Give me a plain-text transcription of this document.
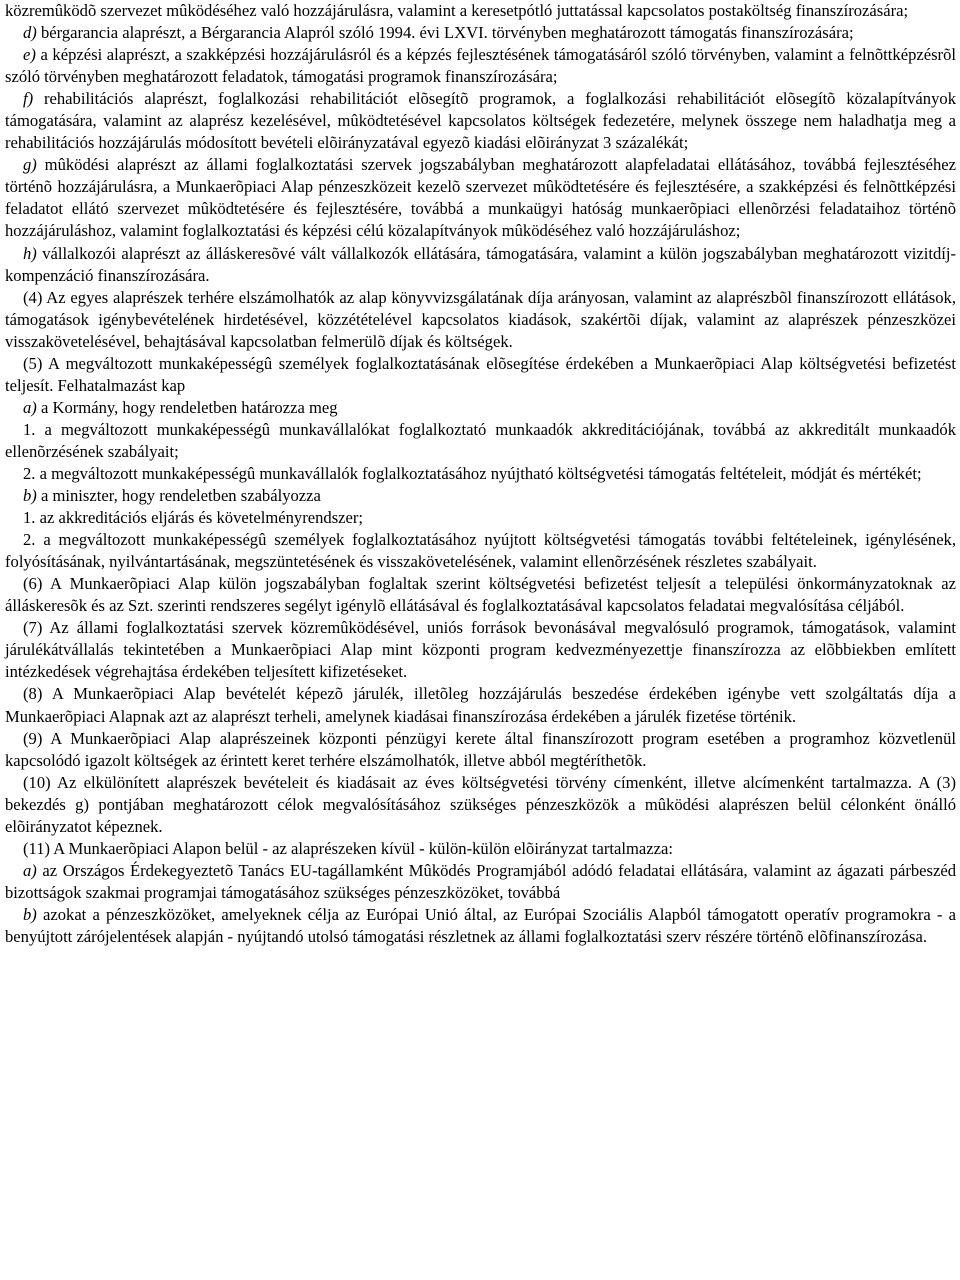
közremûködõ szervezet mûködéséhez való hozzájárulásra, valamint a keresetpótló juttatással kapcsolatos postaköltség finanszírozására;

d) bérgarancia alaprészt, a Bérgarancia Alapról szóló 1994. évi LXVI. törvényben meghatározott támogatás finanszírozására;

e) a képzési alaprészt, a szakképzési hozzájárulásról és a képzés fejlesztésének támogatásáról szóló törvényben, valamint a felnõttképzésrõl szóló törvényben meghatározott feladatok, támogatási programok finanszírozására;

f) rehabilitációs alaprészt, foglalkozási rehabilitációt elõsegítõ programok, a foglalkozási rehabilitációt elõsegítõ közalapítványok támogatására, valamint az alaprész kezelésével, mûködtetésével kapcsolatos költségek fedezetére, melynek összege nem haladhatja meg a rehabilitációs hozzájárulás módosított bevételi elõirányzatával egyezõ kiadási elõirányzat 3 százalékát;

g) mûködési alaprészt az állami foglalkoztatási szervek jogszabályban meghatározott alapfeladatai ellátásához, továbbá fejlesztéséhez történõ hozzájárulásra, a Munkaerõpiaci Alap pénzeszközeit kezelõ szervezet mûködtetésére és fejlesztésére, a szakképzési és felnõttképzési feladatot ellátó szervezet mûködtetésére és fejlesztésére, továbbá a munkaügyi hatóság munkaerõpiaci ellenõrzési feladataihoz történõ hozzájáruláshoz, valamint foglalkoztatási és képzési célú közalapítványok mûködéséhez való hozzájáruláshoz;

h) vállalkozói alaprészt az álláskeresõvé vált vállalkozók ellátására, támogatására, valamint a külön jogszabályban meghatározott vizitdíj-kompenzáció finanszírozására.

(4) Az egyes alaprészek terhére elszámolhatók az alap könyvvizsgálatának díja arányosan, valamint az alaprészbõl finanszírozott ellátások, támogatások igénybevételének hirdetésével, közzétételével kapcsolatos kiadások, szakértõi díjak, valamint az alaprészek pénzeszközei visszakövetelésével, behajtásával kapcsolatban felmerülõ díjak és költségek.

(5) A megváltozott munkaképességû személyek foglalkoztatásának elõsegítése érdekében a Munkaerõpiaci Alap költségvetési befizetést teljesít. Felhatalmazást kap

a) a Kormány, hogy rendeletben határozza meg

1. a megváltozott munkaképességû munkavállalókat foglalkoztató munkaadók akkreditációjának, továbbá az akkreditált munkaadók ellenõrzésének szabályait;

2. a megváltozott munkaképességû munkavállalók foglalkoztatásához nyújtható költségvetési támogatás feltételeit, módját és mértékét;

b) a miniszter, hogy rendeletben szabályozza

1. az akkreditációs eljárás és követelményrendszer;

2. a megváltozott munkaképességû személyek foglalkoztatásához nyújtott költségvetési támogatás további feltételeinek, igénylésének, folyósításának, nyilvántartásának, megszüntetésének és visszakövetelésének, valamint ellenõrzésének részletes szabályait.

(6) A Munkaerõpiaci Alap külön jogszabályban foglaltak szerint költségvetési befizetést teljesít a települési önkormányzatoknak az álláskeresõk és az Szt. szerinti rendszeres segélyt igénylõ ellátásával és foglalkoztatásával kapcsolatos feladatai megvalósítása céljából.

(7) Az állami foglalkoztatási szervek közremûködésével, uniós források bevonásával megvalósuló programok, támogatások, valamint járulékátvállalás tekintetében a Munkaerõpiaci Alap mint központi program kedvezményezettje finanszírozza az elõbbiekben említett intézkedések végrehajtása érdekében teljesített kifizetéseket.

(8) A Munkaerõpiaci Alap bevételét képezõ járulék, illetõleg hozzájárulás beszedése érdekében igénybe vett szolgáltatás díja a Munkaerõpiaci Alapnak azt az alaprészt terheli, amelynek kiadásai finanszírozása érdekében a járulék fizetése történik.

(9) A Munkaerõpiaci Alap alaprészeinek központi pénzügyi kerete által finanszírozott program esetében a programhoz közvetlenül kapcsolódó igazolt költségek az érintett keret terhére elszámolhatók, illetve abból megtéríthetõk.

(10) Az elkülönített alaprészek bevételeit és kiadásait az éves költségvetési törvény címenként, illetve alcímenként tartalmazza. A (3) bekezdés g) pontjában meghatározott célok megvalósításához szükséges pénzeszközök a mûködési alaprészen belül célonként önálló elõirányzatot képeznek.

(11) A Munkaerõpiaci Alapon belül - az alaprészeken kívül - külön-külön elõirányzat tartalmazza:

a) az Országos Érdekegyeztetõ Tanács EU-tagállamként Mûködés Programjából adódó feladatai ellátására, valamint az ágazati párbeszéd bizottságok szakmai programjai támogatásához szükséges pénzeszközöket, továbbá

b) azokat a pénzeszközöket, amelyeknek célja az Európai Unió által, az Európai Szociális Alapból támogatott operatív programokra - a benyújtott zárójelentések alapján - nyújtandó utolsó támogatási részletnek az állami foglalkoztatási szerv részére történõ elõfinanszírozása.
